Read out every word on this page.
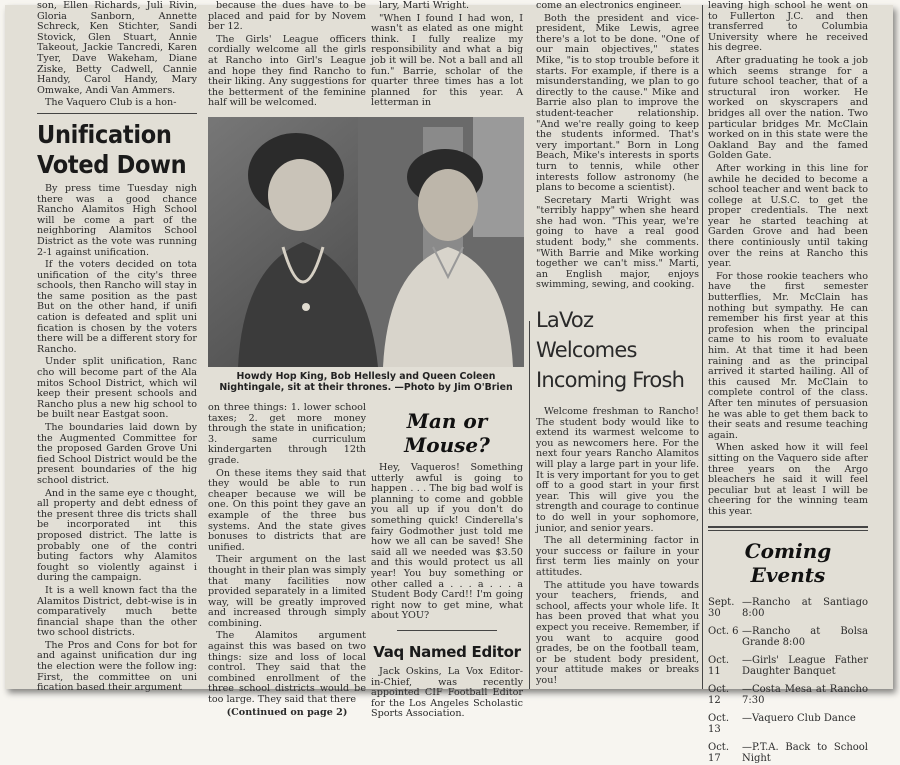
son, Ellen Richards, Juli Rivin, Gloria Sanborn, Annette Schreck, Ken Stichter, Sandi Stovick, Glen Stuart, Annie Takeout, Jackie Tancredi, Karen Tyer, Dave Wakeham, Diane Ziske, Betty Cadwell, Cannie Handy, Carol Handy, Mary Omwake, Andi Van Ammers.

The Vaquero Club is a hon-

Unification
Voted Down

By press time Tuesday nigh there was a good chance Rancho Alamitos High School will be come a part of the neighboring Alamitos School District as the vote was running 2-1 against unification.

If the voters decided on tota unification of the city's three schools, then Rancho will stay in the same position as the past But on the other hand, if unifi cation is defeated and split uni fication is chosen by the voters there will be a different story for Rancho.

Under split unification, Ranc cho will become part of the Ala mitos School District, which wil keep their present schools and Rancho plus a new hig school to be built near Eastgat soon.

The boundaries laid down by the Augmented Committee for the proposed Garden Grove Uni fied School District would be the present boundaries of the hig school district.

And in the same eye c thought, all property and debt edness of the present three dis tricts shall be incorporated int this proposed district. The latte is probably one of the contri buting factors why Alamitos fought so violently against i during the campaign.

It is a well known fact tha the Alamitos District, debt-wise is in comparatively much bette financial shape than the other two school districts.

The Pros and Cons for bot for and against unification dur ing the election were the follow ing: First, the committee on uni fication based their argument

because the dues have to be placed and paid for by Novem ber 12.

The Girls' League officers cordially welcome all the girls at Rancho into Girl's League and hope they find Rancho to their liking. Any suggestions for the betterment of the feminine half will be welcomed.

lary, Marti Wright.

"When I found I had won, I wasn't as elated as one might think. I fully realize my responsibility and what a big job it will be. Not a ball and all fun." Barrie, scholar of the quarter three times has a lot planned for this year. A letterman in

Howdy Hop King, Bob Hellesly and Queen Coleen Nightingale, sit at their thrones. —Photo by Jim O'Brien

on three things: 1. lower school taxes; 2. get more money through the state in unification; 3. same curriculum kindergarten through 12th grade.

On these items they said that they would be able to run cheaper because we will be one. On this point they gave an example of the three bus systems. And the state gives bonuses to districts that are unified.

Their argument on the last thought in their plan was simply that many facilities now provided separately in a limited way, will be greatly improved and increased through simply combining.

The Alamitos argument against this was based on two things: size and loss of local control. They said that the combined enrollment of the three school districts would be too large. They said that there

(Continued on page 2)

Man or Mouse?

Hey, Vaqueros! Something utterly awful is going to happen . . . The big bad wolf is planning to come and gobble you all up if you don't do something quick! Cinderella's fairy Godmother just told me how we all can be saved! She said all we needed was $3.50 and this would protect us all year! You buy something or other called a . . . a . . . a Student Body Card!! I'm going right now to get mine, what about YOU?

Vaq Named Editor

Jack Oskins, La Vox Editor-in-Chief, was recently appointed CIF Football Editor for the Los Angeles Scholastic Sports Association.

come an electronics engineer.

Both the president and vice-president, Mike Lewis, agree there's a lot to be done. "One of our main objectives," states Mike, "is to stop trouble before it starts. For example, if there is a misunderstanding, we plan to go directly to the cause." Mike and Barrie also plan to improve the student-teacher relationship. "And we're really going to keep the students informed. That's very important." Born in Long Beach, Mike's interests in sports turn to tennis, while other interests follow astronomy (he plans to become a scientist).

Secretary Marti Wright was "terribly happy" when she heard she had won. "This year, we're going to have a real good student body," she comments. "With Barrie and Mike working together we can't miss." Marti, an English major, enjoys swimming, sewing, and cooking.

LaVoz Welcomes
Incoming Frosh

Welcome freshman to Rancho! The student body would like to extend its warmest welcome to you as newcomers here. For the next four years Rancho Alamitos will play a large part in your life. It is very important for you to get off to a good start in your first year. This will give you the strength and courage to continue to do well in your sophomore, junior, and senior years.

The all determining factor in your success or failure in your first term lies mainly on your attitudes.

The attitude you have towards your teachers, friends, and school, affects your whole life. It has been proved that what you expect you receive. Remember, if you want to acquire good grades, be on the football team, or be student body president, your attitude makes or breaks you!

leaving high school he went on to Fullerton J.C. and then transferred to Columbia University where he received his degree.

After graduating he took a job which seems strange for a future school teacher, that of a structural iron worker. He worked on skyscrapers and bridges all over the nation. Two particular bridges Mr. McClain worked on in this state were the Oakland Bay and the famed Golden Gate.

After working in this line for awhile he decided to become a school teacher and went back to college at U.S.C. to get the proper credentials. The next year he started teaching at Garden Grove and had been there continiously until taking over the reins at Rancho this year.

For those rookie teachers who have the first semester butterflies, Mr. McClain has nothing but sympathy. He can remember his first year at this profesion when the principal came to his room to evaluate him. At that time it had been raining and as the principal arrived it started hailing. All of this caused Mr. McClain to complete control of the class. After ten minutes of persuasion he was able to get them back to their seats and resume teaching again.

When asked how it will feel sitting on the Vaquero side after three years on the Argo bleachers he said it will feel peculiar but at least I will be cheering for the winning team this year.

Coming Events
Sept. 30
—Rancho at Santiago 8:00
Oct. 6 —Rancho at Bolsa Grande 8:00
Oct. 11
—Girls' League Father Daughter Banquet
Oct. 12
—Costa Mesa at Rancho 7:30
Oct. 13
—Vaquero Club Dance
Oct. 17
—P.T.A. Back to School Night
